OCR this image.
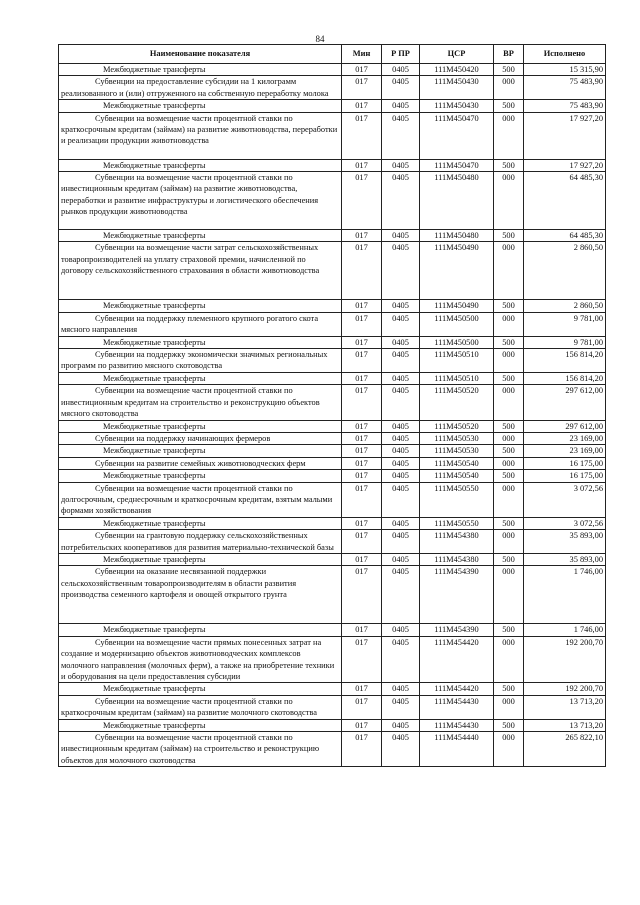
84
Наименование показателя	Мин	Р ПР	ЦСР	ВР	Исполнено
Межбюджетные трансферты	017	0405	111М450420	500	15 315,90
Субвенции на предоставление субсидии на 1 килограмм реализованного и (или) отгруженного на собственную переработку молока	017	0405	111М450430	000	75 483,90
Межбюджетные трансферты	017	0405	111М450430	500	75 483,90
Субвенции на возмещение части процентной ставки по краткосрочным кредитам (займам) на развитие животноводства, переработки и реализации продукции животноводства	017	0405	111М450470	000	17 927,20
Межбюджетные трансферты	017	0405	111М450470	500	17 927,20
Субвенции на возмещение части процентной ставки по инвестиционным кредитам (займам) на развитие животноводства, переработки и развитие инфраструктуры и логистического обеспечения рынков продукции животноводства	017	0405	111М450480	000	64 485,30
Межбюджетные трансферты	017	0405	111М450480	500	64 485,30
Субвенции на возмещение части затрат сельскохозяйственных товаропроизводителей на уплату страховой премии, начисленной по договору сельскохозяйственного страхования в области животноводства	017	0405	111М450490	000	2 860,50
Межбюджетные трансферты	017	0405	111М450490	500	2 860,50
Субвенции на поддержку племенного крупного рогатого скота мясного направления	017	0405	111М450500	000	9 781,00
Межбюджетные трансферты	017	0405	111М450500	500	9 781,00
Субвенции на поддержку экономически значимых региональных программ по развитию мясного скотоводства	017	0405	111М450510	000	156 814,20
Межбюджетные трансферты	017	0405	111М450510	500	156 814,20
Субвенции на возмещение части процентной ставки по инвестиционным кредитам на строительство и реконструкцию объектов мясного скотоводства	017	0405	111М450520	000	297 612,00
Межбюджетные трансферты	017	0405	111М450520	500	297 612,00
Субвенции на поддержку начинающих фермеров	017	0405	111М450530	000	23 169,00
Межбюджетные трансферты	017	0405	111М450530	500	23 169,00
Субвенции на развитие семейных животноводческих ферм	017	0405	111М450540	000	16 175,00
Межбюджетные трансферты	017	0405	111М450540	500	16 175,00
Субвенции на возмещение части процентной ставки по долгосрочным, среднесрочным и краткосрочным кредитам, взятым малыми формами хозяйствования	017	0405	111М450550	000	3 072,56
Межбюджетные трансферты	017	0405	111М450550	500	3 072,56
Субвенции на грантовую поддержку сельскохозяйственных потребительских кооперативов для развития материально-технической базы	017	0405	111М454380	000	35 893,00
Межбюджетные трансферты	017	0405	111М454380	500	35 893,00
Субвенции на оказание несвязанной поддержки сельскохозяйственным товаропроизводителям в области развития производства семенного картофеля и овощей открытого грунта	017	0405	111М454390	000	1 746,00
Межбюджетные трансферты	017	0405	111М454390	500	1 746,00
Субвенции на возмещение части прямых понесенных затрат на создание и модернизацию объектов животноводческих комплексов молочного направления (молочных ферм), а также на приобретение техники и оборудования на цели предоставления субсидии	017	0405	111М454420	000	192 200,70
Межбюджетные трансферты	017	0405	111М454420	500	192 200,70
Субвенции на возмещение части процентной ставки по краткосрочным кредитам (займам) на развитие молочного скотоводства	017	0405	111М454430	000	13 713,20
Межбюджетные трансферты	017	0405	111М454430	500	13 713,20
Субвенции на возмещение части процентной ставки по инвестиционным кредитам (займам) на строительство и реконструкцию объектов для молочного скотоводства	017	0405	111М454440	000	265 822,10
